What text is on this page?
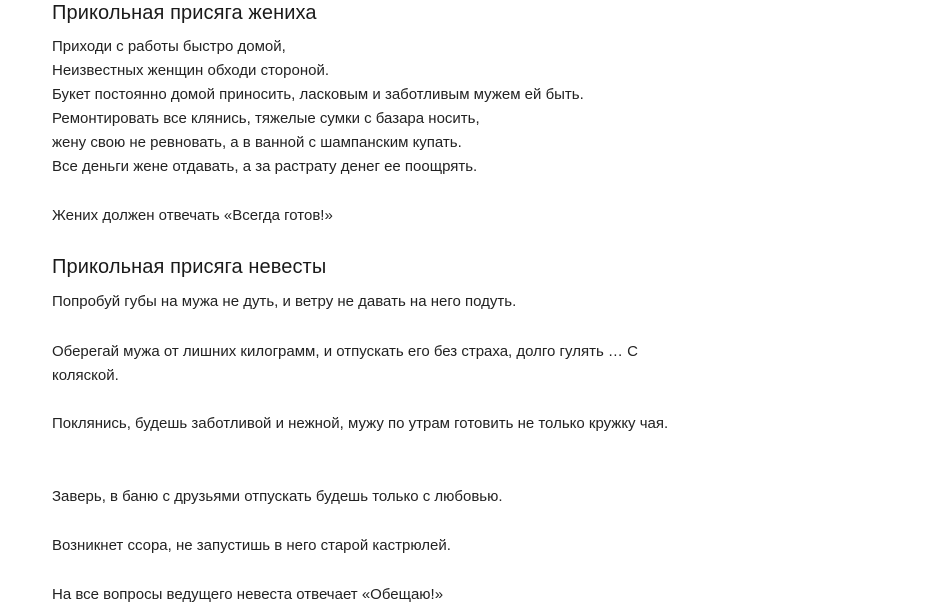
Прикольная присяга жениха
Приходи с работы быстро домой,
Неизвестных женщин обходи стороной.
Букет постоянно домой приносить, ласковым и заботливым мужем ей быть.
Ремонтировать все клянись, тяжелые сумки с базара носить,
жену свою не ревновать, а в ванной с шампанским купать.
Все деньги жене отдавать, а за растрату денег ее поощрять.

Жених должен отвечать «Всегда готов!»

Прикольная присяга невесты

Попробуй губы на мужа не дуть, и ветру не давать на него подуть.

Оберегай мужа от лишних килограмм, и отпускать его без страха, долго гулять … С коляской.

Поклянись, будешь заботливой и нежной, мужу по утрам готовить не только кружку чая.

Заверь, в баню с друзьями отпускать будешь только с любовью.

Возникнет ссора, не запустишь в него старой кастрюлей.

На все вопросы ведущего невеста отвечает «Обещаю!»
